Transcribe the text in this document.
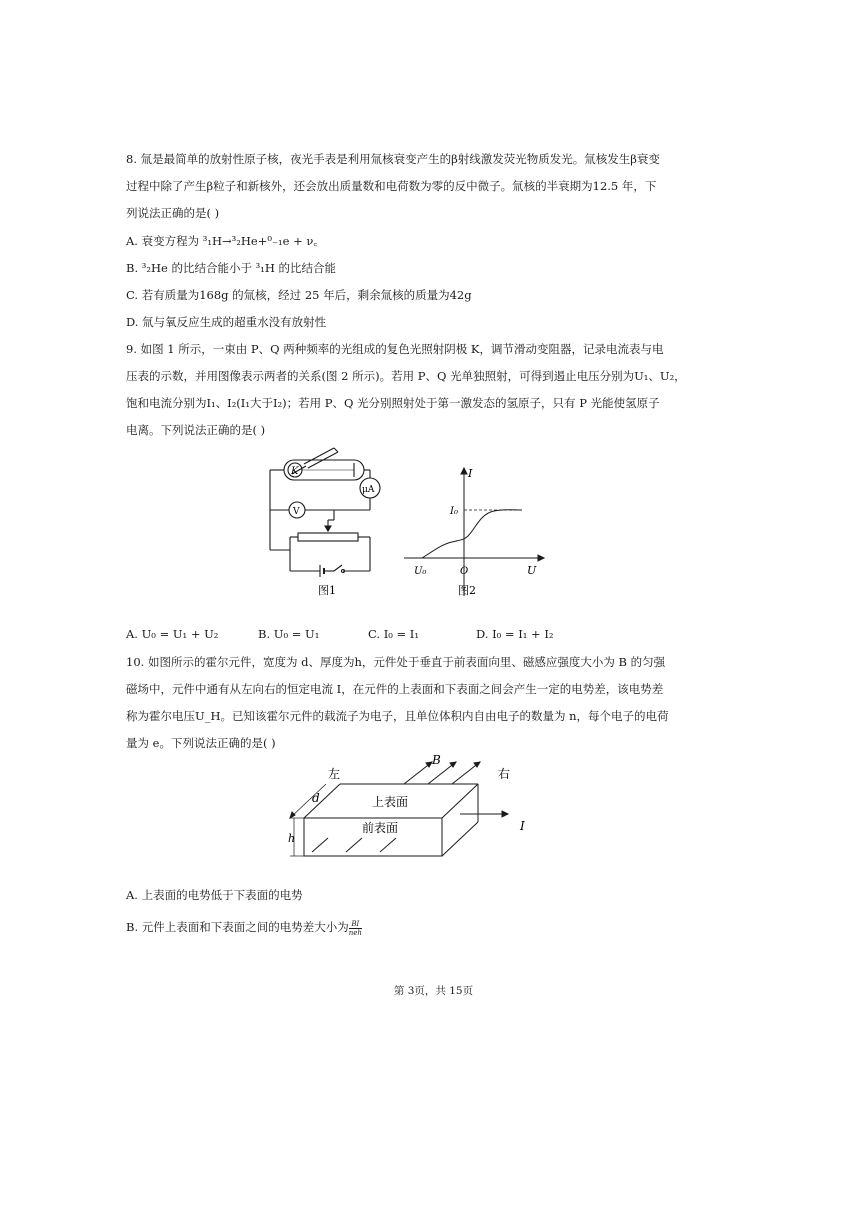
8. 氚是最简单的放射性原子核，夜光手表是利用氚核衰变产生的β射线激发荧光物质发光。氚核发生β衰变
过程中除了产生β粒子和新核外，还会放出质量数和电荷数为零的反中微子。氚核的半衰期为12.5 年，下
列说法正确的是( )
A. 衰变方程为 ³₁H→³₂He+⁰₋₁e + ν꜀
B. ³₂He 的比结合能小于 ³₁H 的比结合能
C. 若有质量为168g 的氚核，经过 25 年后，剩余氚核的质量为42g
D. 氚与氧反应生成的超重水没有放射性
9. 如图 1 所示，一束由 P、Q 两种频率的光组成的复色光照射阴极 K，调节滑动变阻器，记录电流表与电
压表的示数，并用图像表示两者的关系(图 2 所示)。若用 P、Q 光单独照射，可得到遏止电压分别为U₁、U₂，
饱和电流分别为I₁、I₂(I₁大于I₂)；若用 P、Q 光分别照射处于第一激发态的氢原子，只有 P 光能使氢原子
电离。下列说法正确的是( )
K
μA
V
图1
I
I₀
U₀	O	U
图2
A. U₀ = U₁ + U₂	B. U₀ = U₁	C. I₀ = I₁	D. I₀ = I₁ + I₂
10. 如图所示的霍尔元件，宽度为 d、厚度为h，元件处于垂直于前表面向里、磁感应强度大小为 B 的匀强
磁场中，元件中通有从左向右的恒定电流 I，在元件的上表面和下表面之间会产生一定的电势差，该电势差
称为霍尔电压U_H。已知该霍尔元件的载流子为电子，且单位体积内自由电子的数量为 n，每个电子的电荷
量为 e。下列说法正确的是( )
左	右
B
d
h
上表面
前表面	I
A. 上表面的电势低于下表面的电势
B. 元件上表面和下表面之间的电势差大小为 $\frac{BI}{\text{neh}}$
第 3页，共 15页
